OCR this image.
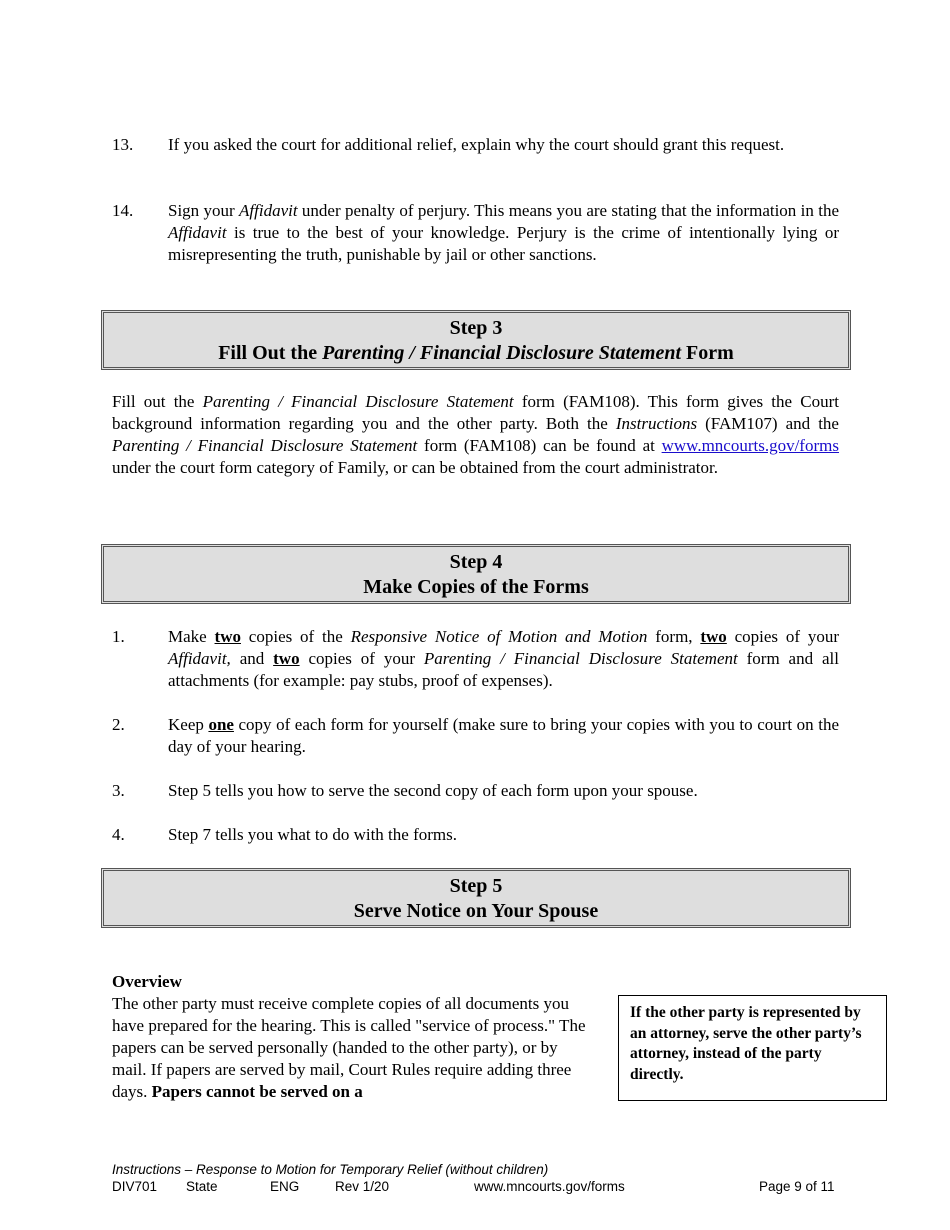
13.	If you asked the court for additional relief, explain why the court should grant this request.
14.	Sign your Affidavit under penalty of perjury. This means you are stating that the information in the Affidavit is true to the best of your knowledge. Perjury is the crime of intentionally lying or misrepresenting the truth, punishable by jail or other sanctions.
Step 3
Fill Out the Parenting / Financial Disclosure Statement Form
Fill out the Parenting / Financial Disclosure Statement form (FAM108). This form gives the Court background information regarding you and the other party. Both the Instructions (FAM107) and the Parenting / Financial Disclosure Statement form (FAM108) can be found at www.mncourts.gov/forms under the court form category of Family, or can be obtained from the court administrator.
Step 4
Make Copies of the Forms
1.	Make two copies of the Responsive Notice of Motion and Motion form, two copies of your Affidavit, and two copies of your Parenting / Financial Disclosure Statement form and all attachments (for example: pay stubs, proof of expenses).
2.	Keep one copy of each form for yourself (make sure to bring your copies with you to court on the day of your hearing.
3.	Step 5 tells you how to serve the second copy of each form upon your spouse.
4.	Step 7 tells you what to do with the forms.
Step 5
Serve Notice on Your Spouse
Overview
The other party must receive complete copies of all documents you have prepared for the hearing. This is called "service of process." The papers can be served personally (handed to the other party), or by mail. If papers are served by mail, Court Rules require adding three days. Papers cannot be served on a
If the other party is represented by an attorney, serve the other party’s attorney, instead of the party directly.
Instructions – Response to Motion for Temporary Relief (without children)
DIV701 State	ENG	Rev 1/20	www.mncourts.gov/forms	Page 9 of 11
